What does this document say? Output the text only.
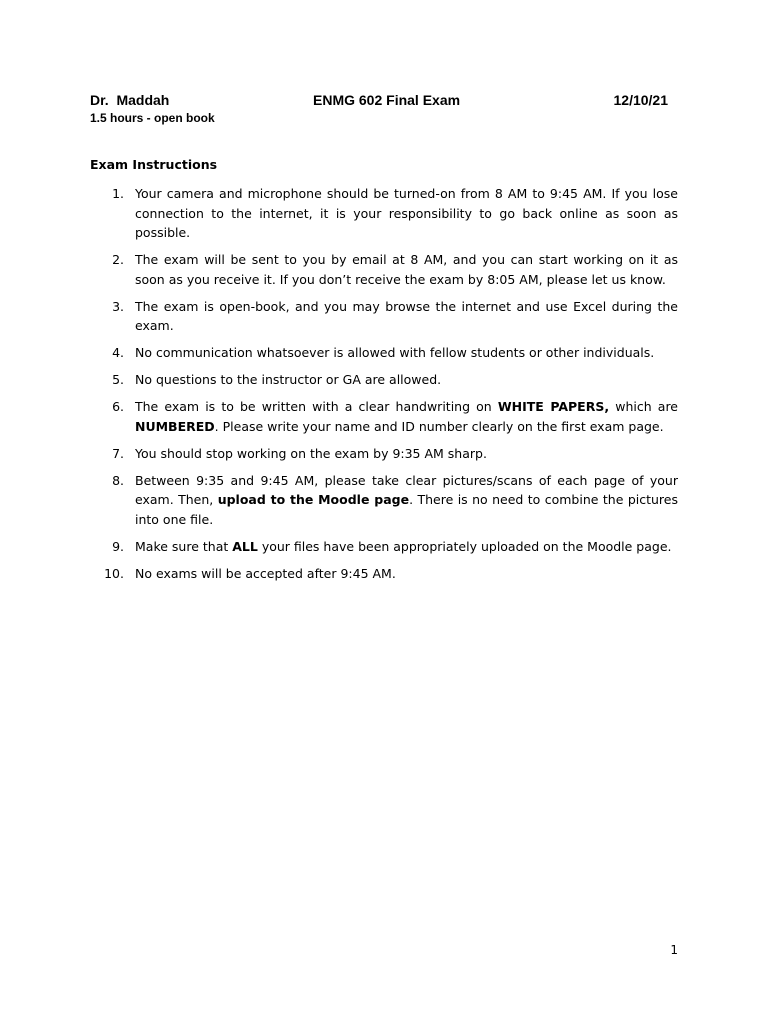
Dr.  Maddah	ENMG 602 Final Exam	12/10/21
1.5 hours - open book
Exam Instructions
1. Your camera and microphone should be turned-on from 8 AM to 9:45 AM. If you lose connection to the internet, it is your responsibility to go back online as soon as possible.
2. The exam will be sent to you by email at 8 AM, and you can start working on it as soon as you receive it. If you don’t receive the exam by 8:05 AM, please let us know.
3. The exam is open-book, and you may browse the internet and use Excel during the exam.
4. No communication whatsoever is allowed with fellow students or other individuals.
5. No questions to the instructor or GA are allowed.
6. The exam is to be written with a clear handwriting on WHITE PAPERS, which are NUMBERED. Please write your name and ID number clearly on the first exam page.
7. You should stop working on the exam by 9:35 AM sharp.
8. Between 9:35 and 9:45 AM, please take clear pictures/scans of each page of your exam. Then, upload to the Moodle page. There is no need to combine the pictures into one file.
9. Make sure that ALL your files have been appropriately uploaded on the Moodle page.
10. No exams will be accepted after 9:45 AM.
1
